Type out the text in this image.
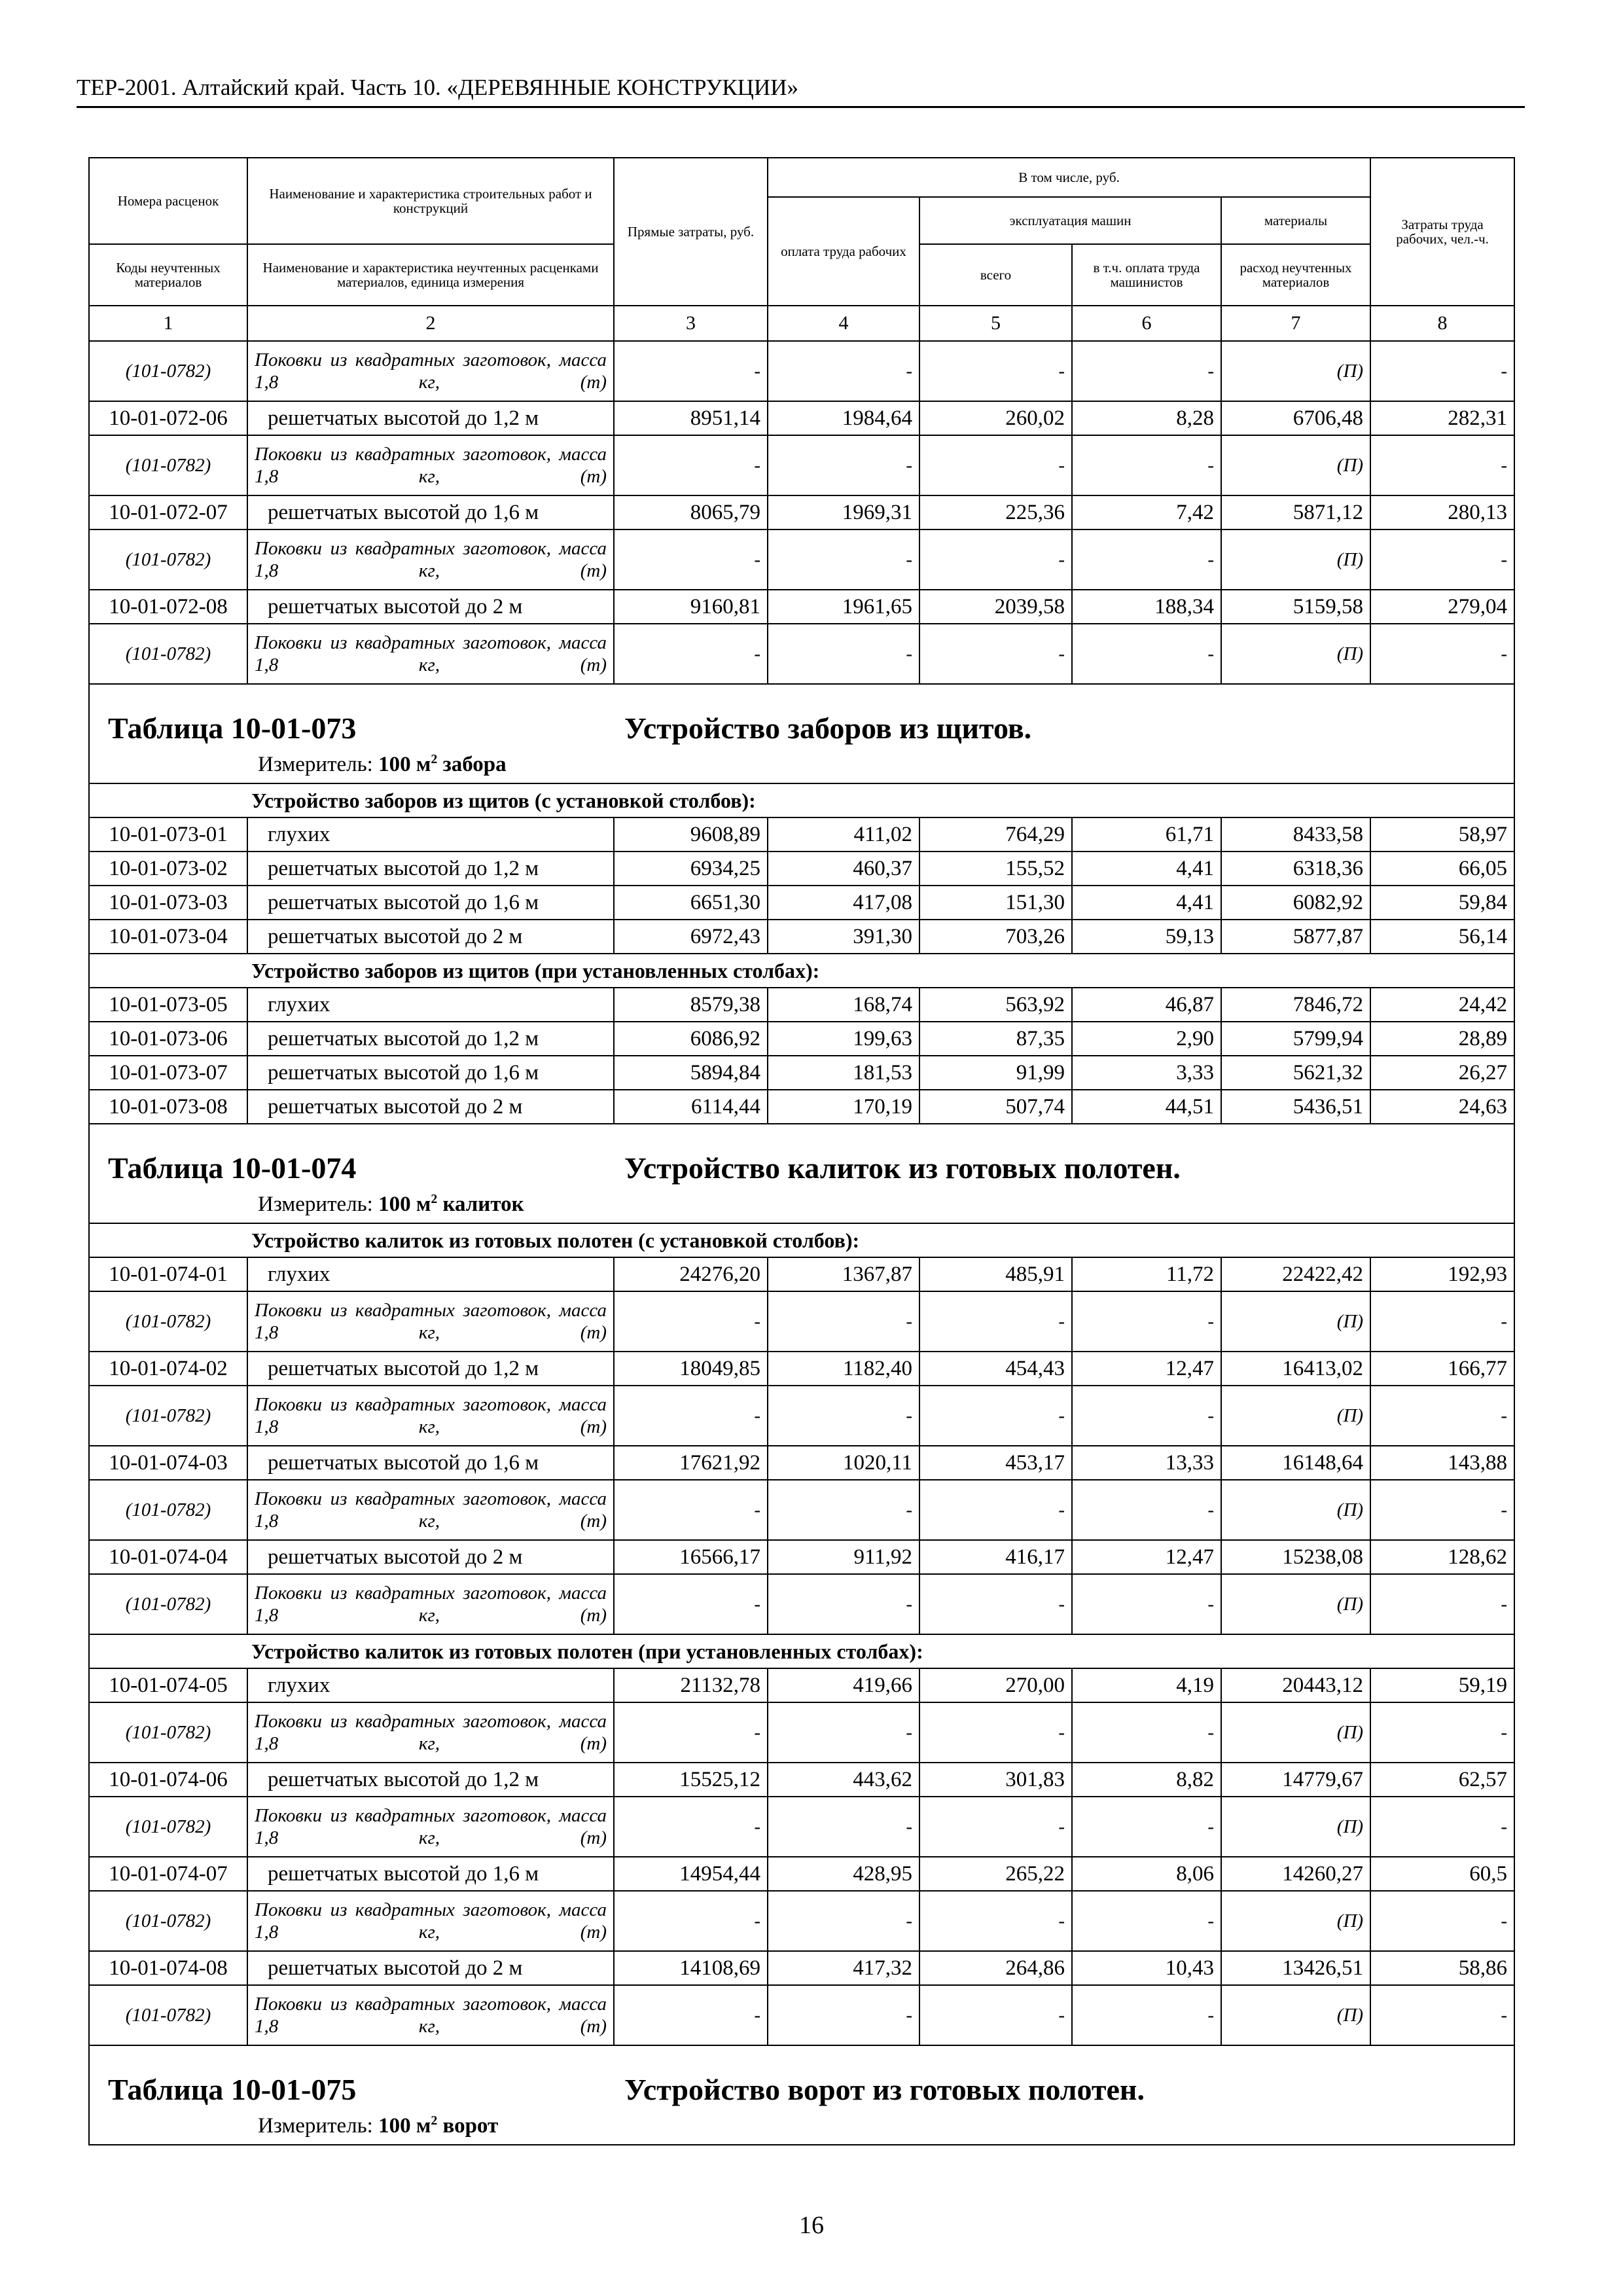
ТЕР-2001. Алтайский край. Часть 10. «ДЕРЕВЯННЫЕ КОНСТРУКЦИИ»
Номера расценок	Наименование и характеристика строительных работ и конструкций	Прямые затраты, руб.	В том числе, руб.				Затраты труда рабочих, чел.-ч.
			оплата труда рабочих	эксплуатация машин		материалы	
Коды неучтенных материалов	Наименование и характеристика неучтенных расценками материалов, единица измерения			всего	в т.ч. оплата труда машинистов	расход неучтенных материалов	
1	2	3	4	5	6	7	8
(101-0782)	Поковки из квадратных заготовок, масса 1,8 кг, (т)	-	-	-	-	(П)	-
10-01-072-06	решетчатых высотой до 1,2 м	8951,14	1984,64	260,02	8,28	6706,48	282,31
(101-0782)	Поковки из квадратных заготовок, масса 1,8 кг, (т)	-	-	-	-	(П)	-
10-01-072-07	решетчатых высотой до 1,6 м	8065,79	1969,31	225,36	7,42	5871,12	280,13
(101-0782)	Поковки из квадратных заготовок, масса 1,8 кг, (т)	-	-	-	-	(П)	-
10-01-072-08	решетчатых высотой до 2 м	9160,81	1961,65	2039,58	188,34	5159,58	279,04
(101-0782)	Поковки из квадратных заготовок, масса 1,8 кг, (т)	-	-	-	-	(П)	-

Таблица 10-01-073 Устройство заборов из щитов.
Измеритель: 100 $м^2$ забора							

Устройство заборов из щитов (с установкой столбов):							
10-01-073-01	глухих	9608,89	411,02	764,29	61,71	8433,58	58,97
10-01-073-02	решетчатых высотой до 1,2 м	6934,25	460,37	155,52	4,41	6318,36	66,05
10-01-073-03	решетчатых высотой до 1,6 м	6651,30	417,08	151,30	4,41	6082,92	59,84
10-01-073-04	решетчатых высотой до 2 м	6972,43	391,30	703,26	59,13	5877,87	56,14
Устройство заборов из щитов (при установленных столбах):							
10-01-073-05	глухих	8579,38	168,74	563,92	46,87	7846,72	24,42
10-01-073-06	решетчатых высотой до 1,2 м	6086,92	199,63	87,35	2,90	5799,94	28,89
10-01-073-07	решетчатых высотой до 1,6 м	5894,84	181,53	91,99	3,33	5621,32	26,27
10-01-073-08	решетчатых высотой до 2 м	6114,44	170,19	507,74	44,51	5436,51	24,63

Таблица 10-01-074 Устройство калиток из готовых полотен.
Измеритель: 100 $м^2$ калиток							

Устройство калиток из готовых полотен (с установкой столбов):							
10-01-074-01	глухих	24276,20	1367,87	485,91	11,72	22422,42	192,93
(101-0782)	Поковки из квадратных заготовок, масса 1,8 кг, (т)	-	-	-	-	(П)	-
10-01-074-02	решетчатых высотой до 1,2 м	18049,85	1182,40	454,43	12,47	16413,02	166,77
(101-0782)	Поковки из квадратных заготовок, масса 1,8 кг, (т)	-	-	-	-	(П)	-
10-01-074-03	решетчатых высотой до 1,6 м	17621,92	1020,11	453,17	13,33	16148,64	143,88
(101-0782)	Поковки из квадратных заготовок, масса 1,8 кг, (т)	-	-	-	-	(П)	-
10-01-074-04	решетчатых высотой до 2 м	16566,17	911,92	416,17	12,47	15238,08	128,62
(101-0782)	Поковки из квадратных заготовок, масса 1,8 кг, (т)	-	-	-	-	(П)	-
Устройство калиток из готовых полотен (при установленных столбах):							
10-01-074-05	глухих	21132,78	419,66	270,00	4,19	20443,12	59,19
(101-0782)	Поковки из квадратных заготовок, масса 1,8 кг, (т)	-	-	-	-	(П)	-
10-01-074-06	решетчатых высотой до 1,2 м	15525,12	443,62	301,83	8,82	14779,67	62,57
(101-0782)	Поковки из квадратных заготовок, масса 1,8 кг, (т)	-	-	-	-	(П)	-
10-01-074-07	решетчатых высотой до 1,6 м	14954,44	428,95	265,22	8,06	14260,27	60,5
(101-0782)	Поковки из квадратных заготовок, масса 1,8 кг, (т)	-	-	-	-	(П)	-
10-01-074-08	решетчатых высотой до 2 м	14108,69	417,32	264,86	10,43	13426,51	58,86
(101-0782)	Поковки из квадратных заготовок, масса 1,8 кг, (т)	-	-	-	-	(П)	-

Таблица 10-01-075 Устройство ворот из готовых полотен.
Измеритель: 100 $м^2$ ворот							
16
